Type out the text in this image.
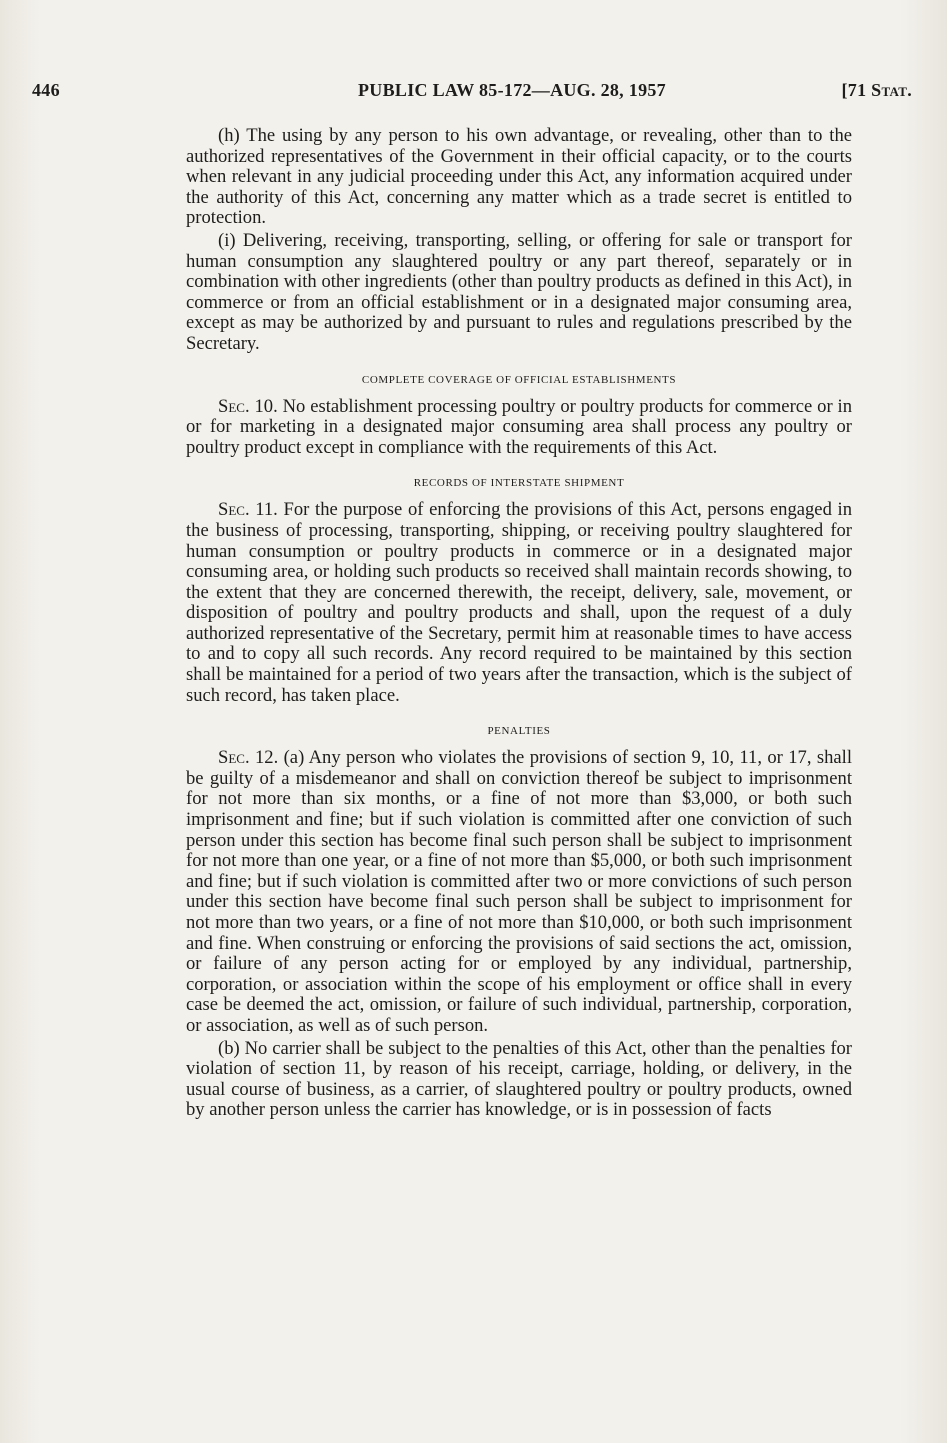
446	PUBLIC LAW 85-172—AUG. 28, 1957	[71 Stat.

(h) The using by any person to his own advantage, or revealing, other than to the authorized representatives of the Government in their official capacity, or to the courts when relevant in any judicial proceeding under this Act, any information acquired under the authority of this Act, concerning any matter which as a trade secret is entitled to protection.

(i) Delivering, receiving, transporting, selling, or offering for sale or transport for human consumption any slaughtered poultry or any part thereof, separately or in combination with other ingredients (other than poultry products as defined in this Act), in commerce or from an official establishment or in a designated major consuming area, except as may be authorized by and pursuant to rules and regulations prescribed by the Secretary.

COMPLETE COVERAGE OF OFFICIAL ESTABLISHMENTS

Sec. 10. No establishment processing poultry or poultry products for commerce or in or for marketing in a designated major consuming area shall process any poultry or poultry product except in compliance with the requirements of this Act.

RECORDS OF INTERSTATE SHIPMENT

Sec. 11. For the purpose of enforcing the provisions of this Act, persons engaged in the business of processing, transporting, shipping, or receiving poultry slaughtered for human consumption or poultry products in commerce or in a designated major consuming area, or holding such products so received shall maintain records showing, to the extent that they are concerned therewith, the receipt, delivery, sale, movement, or disposition of poultry and poultry products and shall, upon the request of a duly authorized representative of the Secretary, permit him at reasonable times to have access to and to copy all such records. Any record required to be maintained by this section shall be maintained for a period of two years after the transaction, which is the subject of such record, has taken place.

PENALTIES

Sec. 12. (a) Any person who violates the provisions of section 9, 10, 11, or 17, shall be guilty of a misdemeanor and shall on conviction thereof be subject to imprisonment for not more than six months, or a fine of not more than $3,000, or both such imprisonment and fine; but if such violation is committed after one conviction of such person under this section has become final such person shall be subject to imprisonment for not more than one year, or a fine of not more than $5,000, or both such imprisonment and fine; but if such violation is committed after two or more convictions of such person under this section have become final such person shall be subject to imprisonment for not more than two years, or a fine of not more than $10,000, or both such imprisonment and fine. When construing or enforcing the provisions of said sections the act, omission, or failure of any person acting for or employed by any individual, partnership, corporation, or association within the scope of his employment or office shall in every case be deemed the act, omission, or failure of such individual, partnership, corporation, or association, as well as of such person.

(b) No carrier shall be subject to the penalties of this Act, other than the penalties for violation of section 11, by reason of his receipt, carriage, holding, or delivery, in the usual course of business, as a carrier, of slaughtered poultry or poultry products, owned by another person unless the carrier has knowledge, or is in possession of facts
